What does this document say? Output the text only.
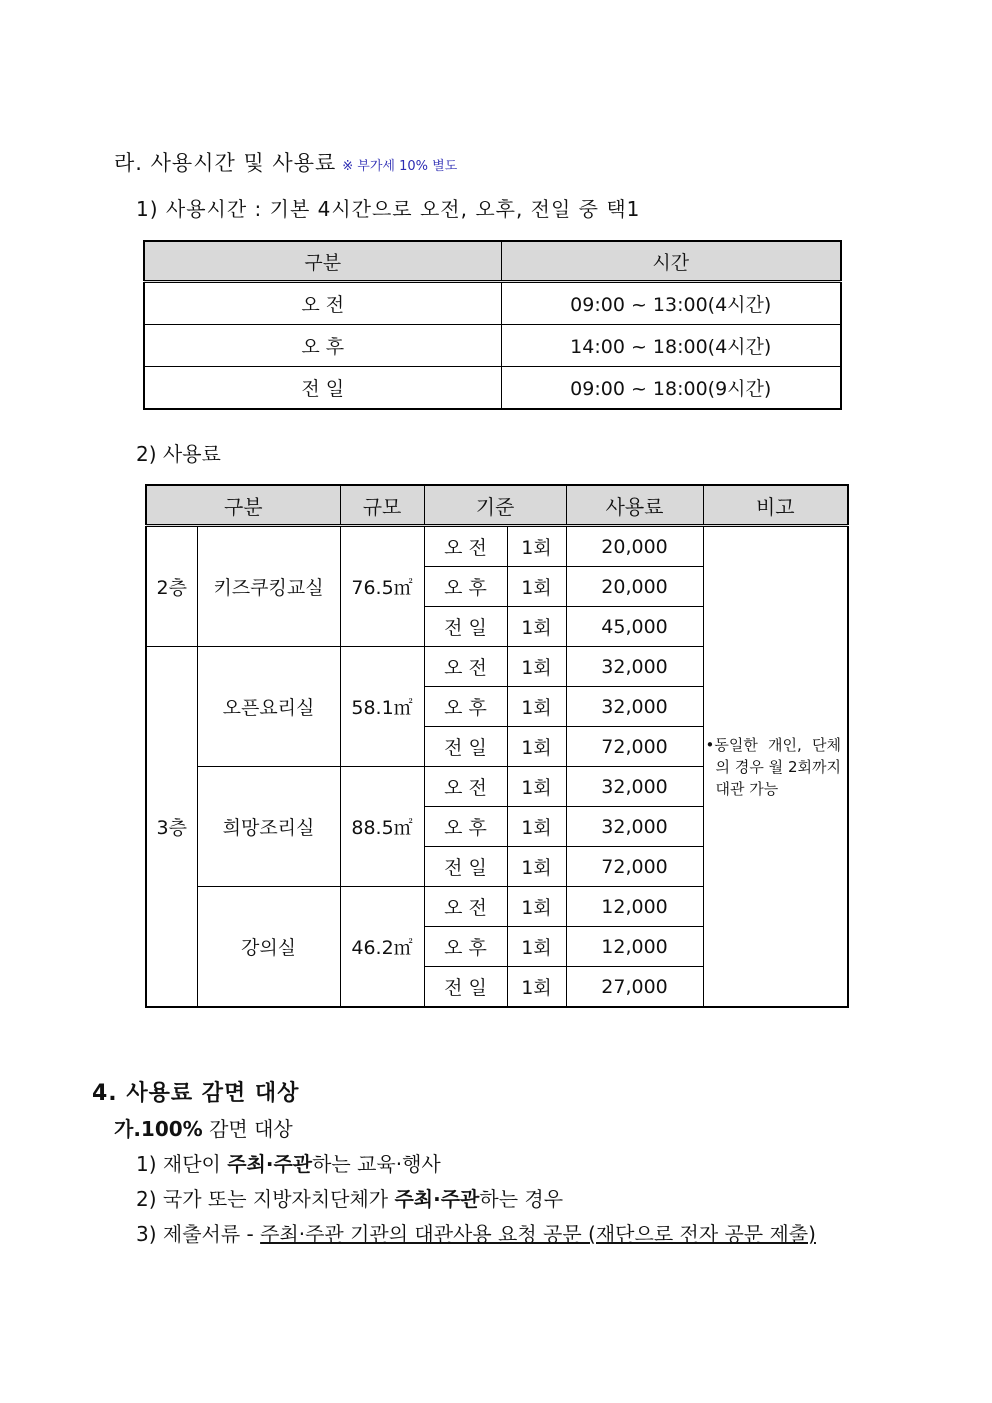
라. 사용시간 및 사용료 ※ 부가세 10% 별도
1) 사용시간 : 기본 4시간으로 오전, 오후, 전일 중 택1
구분	시간
오 전	09:00 ~ 13:00(4시간)
오 후	14:00 ~ 18:00(4시간)
전 일	09:00 ~ 18:00(9시간)
2) 사용료
구분		규모	기준		사용료	비고
2층	키즈쿠킹교실	76.5㎡	오 전	1회	20,000	•동일한 개인, 단체의 경우 월 2회까지 대관 가능

			오 후	1회	20,000	
			전 일	1회	45,000	
3층	오픈요리실	58.1㎡	오 전	1회	32,000	
			오 후	1회	32,000	
			전 일	1회	72,000	
	희망조리실	88.5㎡	오 전	1회	32,000	
			오 후	1회	32,000	
			전 일	1회	72,000	
	강의실	46.2㎡	오 전	1회	12,000	
			오 후	1회	12,000	
			전 일	1회	27,000	
4. 사용료 감면 대상
가.100% 감면 대상
1) 재단이 주최·주관하는 교육·행사
2) 국가 또는 지방자치단체가 주최·주관하는 경우
3) 제출서류 - 주최·주관 기관의 대관사용 요청 공문 (재단으로 전자 공문 제출)
